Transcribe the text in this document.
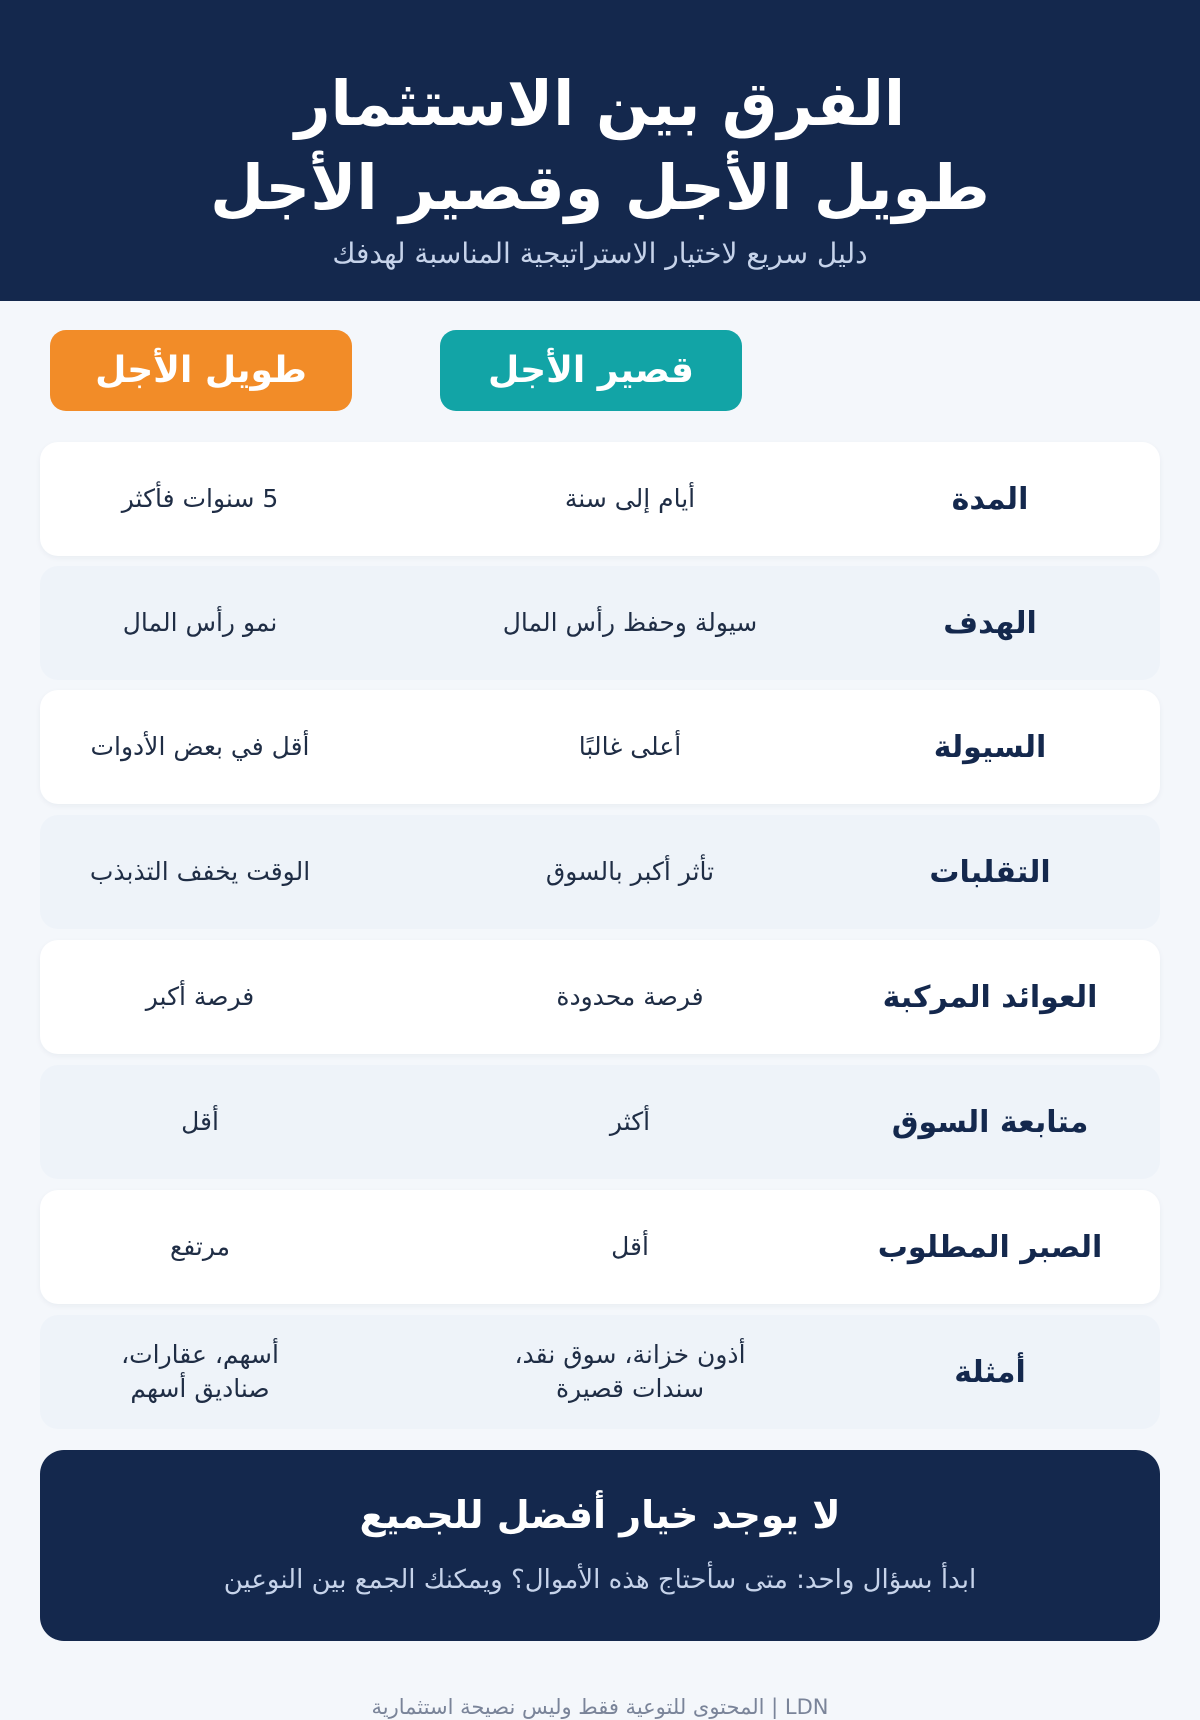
الفرق بين الاستثمار
طويل الأجل وقصير الأجل

دليل سريع لاختيار الاستراتيجية المناسبة لهدفك

قصير الأجل
طويل الأجل
المدة
أيام إلى سنة
5 سنوات فأكثر
الهدف
سيولة وحفظ رأس المال
نمو رأس المال
السيولة
أعلى غالبًا
أقل في بعض الأدوات
التقلبات
تأثر أكبر بالسوق
الوقت يخفف التذبذب
العوائد المركبة
فرصة محدودة
فرصة أكبر
متابعة السوق
أكثر
أقل
الصبر المطلوب
أقل
مرتفع
أمثلة
أذون خزانة، سوق نقد، سندات قصيرة
أسهم، عقارات، صناديق أسهم
لا يوجد خيار أفضل للجميع

ابدأ بسؤال واحد: متى سأحتاج هذه الأموال؟ ويمكنك الجمع بين النوعين

LDN | المحتوى للتوعية فقط وليس نصيحة استثمارية
